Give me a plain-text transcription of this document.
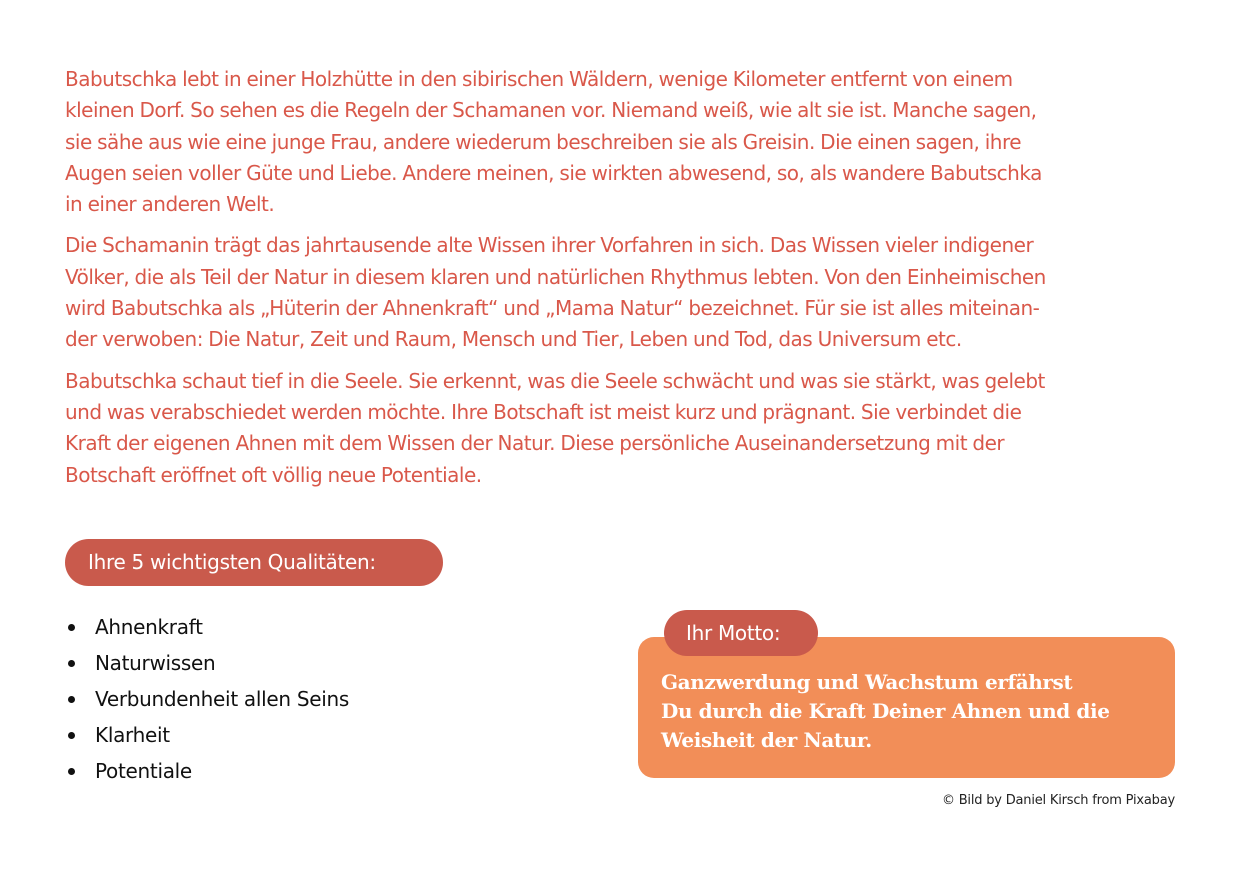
Babutschka lebt in einer Holzhütte in den sibirischen Wäldern, wenige Kilometer entfernt von einem
kleinen Dorf. So sehen es die Regeln der Schamanen vor. Niemand weiß, wie alt sie ist. Manche sagen,
sie sähe aus wie eine junge Frau, andere wiederum beschreiben sie als Greisin. Die einen sagen, ihre
Augen seien voller Güte und Liebe. Andere meinen, sie wirkten abwesend, so, als wandere Babutschka
in einer anderen Welt.

Die Schamanin trägt das jahrtausende alte Wissen ihrer Vorfahren in sich. Das Wissen vieler indigener
Völker, die als Teil der Natur in diesem klaren und natürlichen Rhythmus lebten. Von den Einheimischen
wird Babutschka als „Hüterin der Ahnenkraft“ und „Mama Natur“ bezeichnet. Für sie ist alles miteinan-
der verwoben: Die Natur, Zeit und Raum, Mensch und Tier, Leben und Tod, das Universum etc.

Babutschka schaut tief in die Seele. Sie erkennt, was die Seele schwächt und was sie stärkt, was gelebt
und was verabschiedet werden möchte. Ihre Botschaft ist meist kurz und prägnant. Sie verbindet die
Kraft der eigenen Ahnen mit dem Wissen der Natur. Diese persönliche Auseinandersetzung mit der
Botschaft eröffnet oft völlig neue Potentiale.

Ihre 5 wichtigsten Qualitäten:
Ahnenkraft
Naturwissen
Verbundenheit allen Seins
Klarheit
Potentiale
Ganzwerdung und Wachstum erfährst
Du durch die Kraft Deiner Ahnen und die
Weisheit der Natur.
Ihr Motto:
© Bild by Daniel Kirsch from Pixabay
